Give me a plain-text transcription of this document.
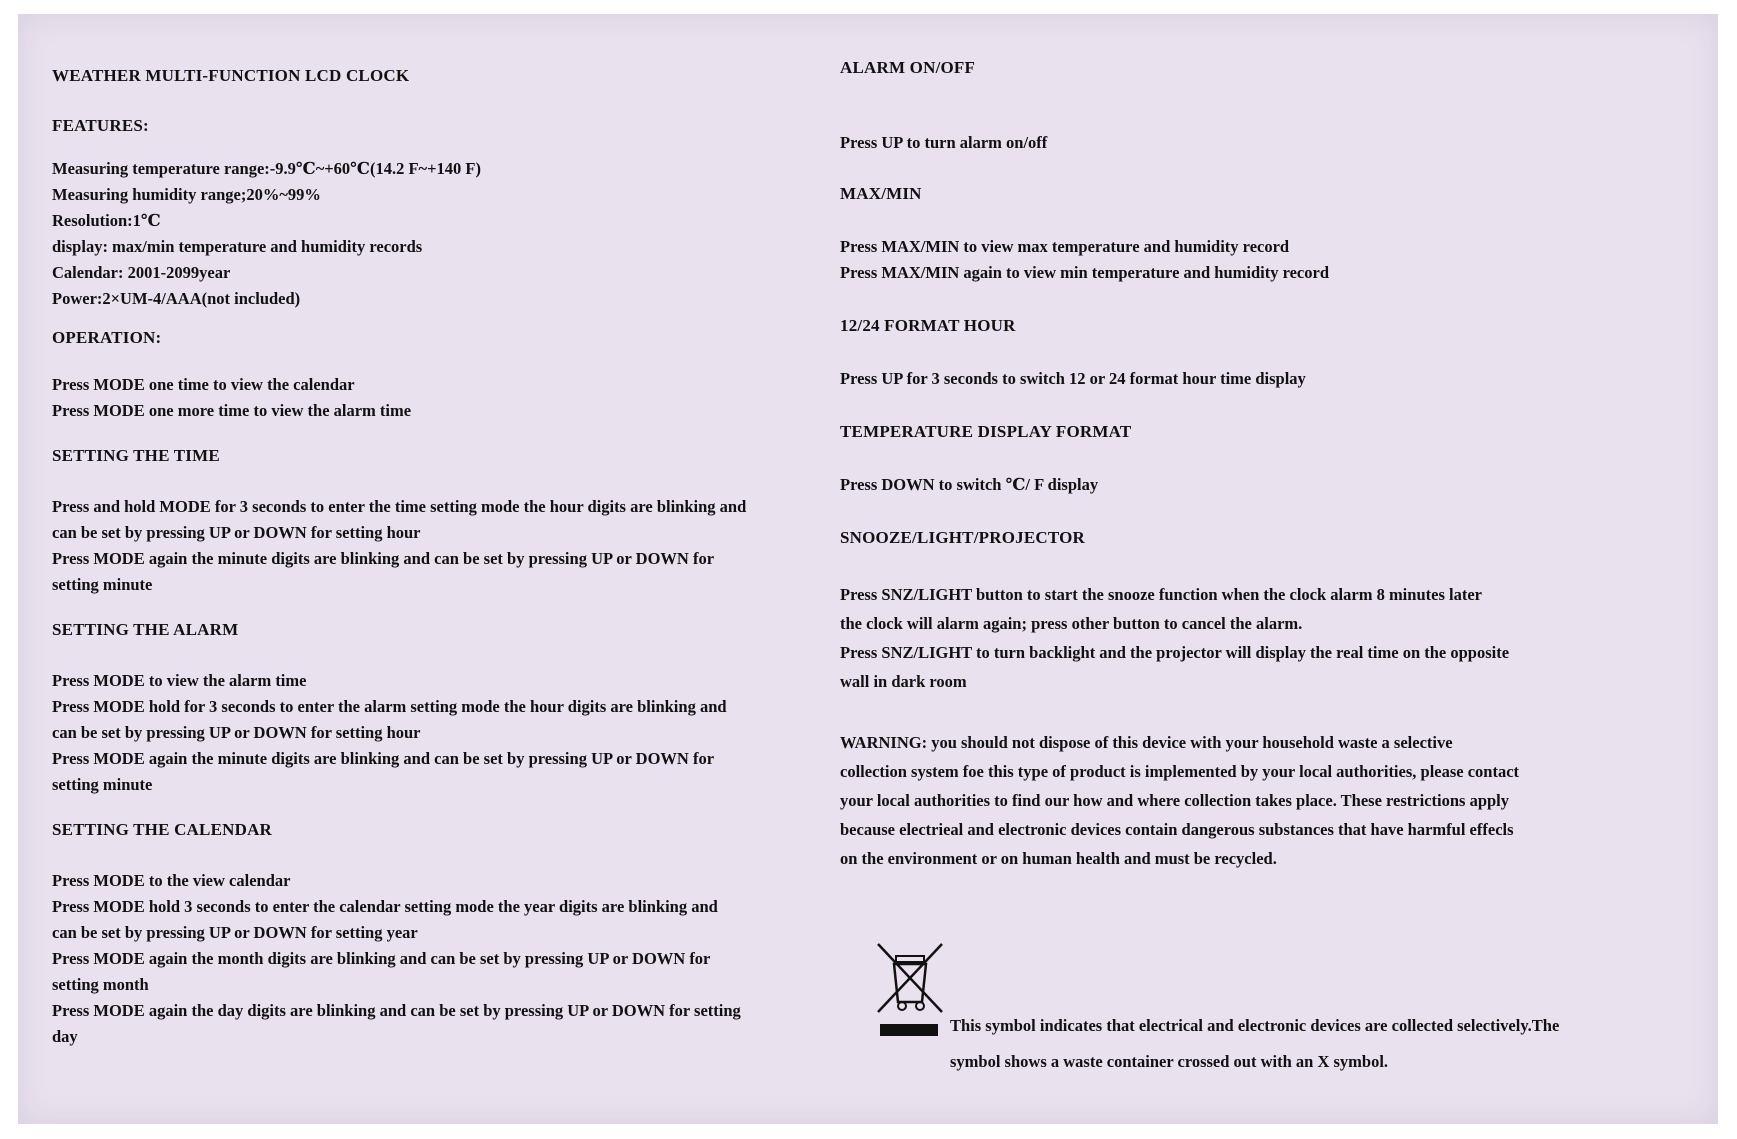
WEATHER MULTI-FUNCTION LCD CLOCK

FEATURES:

Measuring temperature range:-9.9℃~+60℃(14.2 F~+140 F)

Measuring humidity range;20%~99%

Resolution:1℃

display: max/min temperature and humidity records

Calendar: 2001-2099year

Power:2×UM-4/AAA(not included)

OPERATION:

Press MODE one time to view the calendar

Press MODE one more time to view the alarm time

SETTING THE TIME

Press and hold MODE for 3 seconds to enter the time setting mode the hour digits are blinking and

can be set by pressing UP or DOWN for setting hour

Press MODE again the minute digits are blinking and can be set by pressing UP or DOWN for

setting minute

SETTING THE ALARM

Press MODE to view the alarm time

Press MODE hold for 3 seconds to enter the alarm setting mode the hour digits are blinking and

can be set by pressing UP or DOWN for setting hour

Press MODE again the minute digits are blinking and can be set by pressing UP or DOWN for

setting minute

SETTING THE CALENDAR

Press MODE to the view calendar

Press MODE hold 3 seconds to enter the calendar setting mode the year digits are blinking and

can be set by pressing UP or DOWN for setting year

Press MODE again the month digits are blinking and can be set by pressing UP or DOWN for

setting month

Press MODE again the day digits are blinking and can be set by pressing UP or DOWN for setting

day

ALARM ON/OFF

Press UP to turn alarm on/off

MAX/MIN

Press MAX/MIN to view max temperature and humidity record

Press MAX/MIN again to view min temperature and humidity record

12/24 FORMAT HOUR

Press UP for 3 seconds to switch 12 or 24 format hour time display

TEMPERATURE DISPLAY FORMAT

Press DOWN to switch ℃/ F display

SNOOZE/LIGHT/PROJECTOR

Press SNZ/LIGHT button to start the snooze function when the clock alarm 8 minutes later

the clock will alarm again; press other button to cancel the alarm.

Press SNZ/LIGHT to turn backlight and the projector will display the real time on the opposite

wall in dark room

WARNING: you should not dispose of this device with your household waste a selective

collection system foe this type of product is implemented by your local authorities, please contact

your local authorities to find our how and where collection takes place. These restrictions apply

because electrieal and electronic devices contain dangerous substances that have harmful effecls

on the environment or on human health and must be recycled.

This symbol indicates that electrical and electronic devices are collected selectively.The
symbol shows a waste container crossed out with an X symbol.
